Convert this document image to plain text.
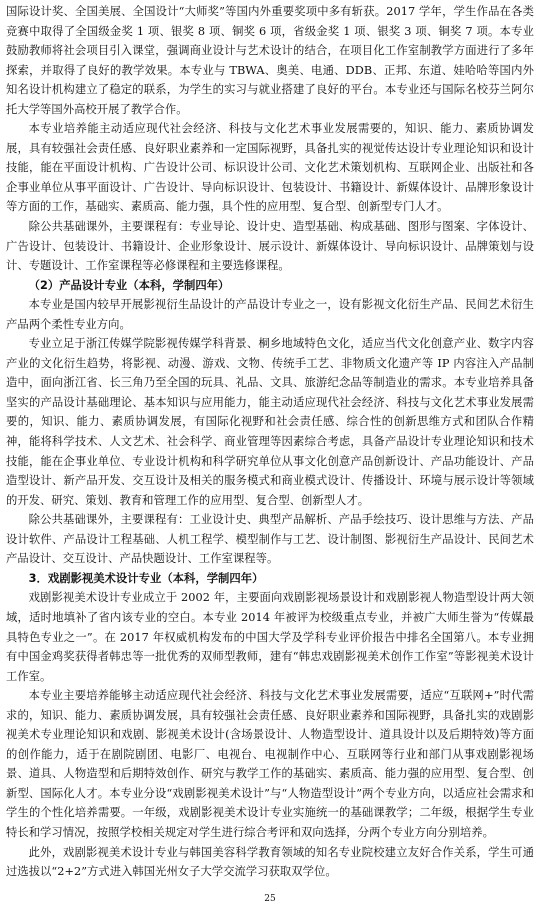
国际设计奖、全国美展、全国设计“大师奖”等国内外重要奖项中多有斩获。2017 学年，学生作品在各类竞赛中取得了全国级金奖 1 项、银奖 8 项、铜奖 6 项，省级金奖 1 项、银奖 3 项、铜奖 7 项。本专业鼓励教师将社会项目引入课堂，强调商业设计与艺术设计的结合，在项目化工作室制教学方面进行了多年探索，并取得了良好的教学效果。本专业与 TBWA、奥美、电通、DDB、正邦、东道、娃哈哈等国内外知名设计机构建立了稳定的联系，为学生的实习与就业搭建了良好的平台。本专业还与国际名校芬兰阿尔托大学等国外高校开展了教学合作。

本专业培养能主动适应现代社会经济、科技与文化艺术事业发展需要的，知识、能力、素质协调发展，具有较强社会责任感、良好职业素养和一定国际视野，具备扎实的视觉传达设计专业理论知识和设计技能，能在平面设计机构、广告设计公司、标识设计公司、文化艺术策划机构、互联网企业、出版社和各企事业单位从事平面设计、广告设计、导向标识设计、包装设计、书籍设计、新媒体设计、品牌形象设计等方面的工作，基础实、素质高、能力强，具个性的应用型、复合型、创新型专门人才。

除公共基础课外，主要课程有：专业导论、设计史、造型基础、构成基础、图形与图案、字体设计、广告设计、包装设计、书籍设计、企业形象设计、展示设计、新媒体设计、导向标识设计、品牌策划与设计、专题设计、工作室课程等必修课程和主要选修课程。

（2）产品设计专业（本科，学制四年）

本专业是国内较早开展影视衍生品设计的产品设计专业之一，设有影视文化衍生产品、民间艺术衍生产品两个柔性专业方向。

专业立足于浙江传媒学院影视传媒学科背景、桐乡地域特色文化，适应当代文化创意产业、数字内容产业的文化衍生趋势，将影视、动漫、游戏、文物、传统手工艺、非物质文化遗产等 IP 内容注入产品制造中，面向浙江省、长三角乃至全国的玩具、礼品、文具、旅游纪念品等制造业的需求。本专业培养具备坚实的产品设计基础理论、基本知识与应用能力，能主动适应现代社会经济、科技与文化艺术事业发展需要的，知识、能力、素质协调发展，有国际化视野和社会责任感、综合性的创新思维方式和团队合作精神，能将科学技术、人文艺术、社会科学、商业管理等因素综合考虑，具备产品设计专业理论知识和技术技能，能在企事业单位、专业设计机构和科学研究单位从事文化创意产品创新设计、产品功能设计、产品造型设计、新产品开发、交互设计及相关的服务模式和商业模式设计、传播设计、环境与展示设计等领域的开发、研究、策划、教育和管理工作的应用型、复合型、创新型人才。

除公共基础课外，主要课程有：工业设计史、典型产品解析、产品手绘技巧、设计思维与方法、产品设计软件、产品设计工程基础、人机工程学、模型制作与工艺、设计制图、影视衍生产品设计、民间艺术产品设计、交互设计、产品快题设计、工作室课程等。

3．戏剧影视美术设计专业（本科，学制四年）

戏剧影视美术设计专业成立于 2002 年，主要面向戏剧影视场景设计和戏剧影视人物造型设计两大领域，适时地填补了省内该专业的空白。本专业 2014 年被评为校级重点专业，并被广大师生誉为“传媒最具特色专业之一”。在 2017 年权威机构发布的中国大学及学科专业评价报告中排名全国第八。本专业拥有中国金鸡奖获得者韩忠等一批优秀的双师型教师，建有“韩忠戏剧影视美术创作工作室”等影视美术设计工作室。

本专业主要培养能够主动适应现代社会经济、科技与文化艺术事业发展需要，适应“互联网+”时代需求的，知识、能力、素质协调发展，具有较强社会责任感、良好职业素养和国际视野，具备扎实的戏剧影视美术专业理论知识和戏剧、影视美术设计(含场景设计、人物造型设计、道具设计以及后期特效)等方面的创作能力，适于在剧院剧团、电影厂、电视台、电视制作中心、互联网等行业和部门从事戏剧影视场景、道具、人物造型和后期特效创作、研究与教学工作的基础实、素质高、能力强的应用型、复合型、创新型、国际化人才。本专业分设“戏剧影视美术设计”与“人物造型设计”两个专业方向，以适应社会需求和学生的个性化培养需要。一年级，戏剧影视美术设计专业实施统一的基础课教学；二年级，根据学生专业特长和学习情况，按照学校相关规定对学生进行综合考评和双向选择，分两个专业方向分别培养。

此外，戏剧影视美术设计专业与韩国美容科学教育领域的知名专业院校建立友好合作关系，学生可通过选拔以“2+2”方式进入韩国光州女子大学交流学习获取双学位。

25
